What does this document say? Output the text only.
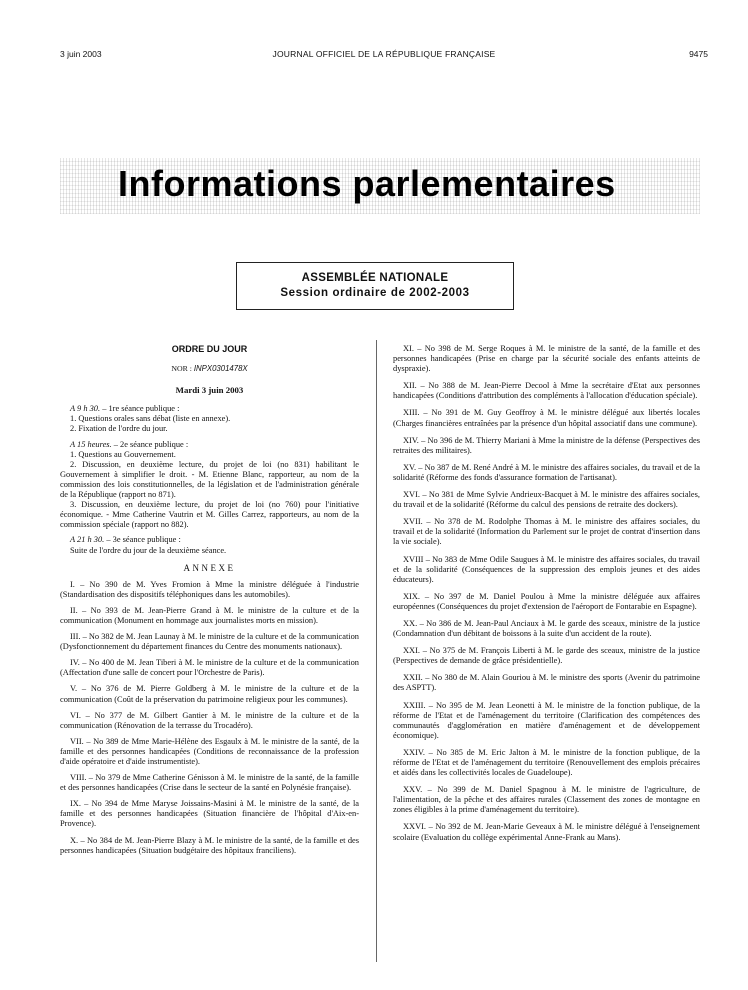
3 juin 2003	JOURNAL OFFICIEL DE LA RÉPUBLIQUE FRANÇAISE	9475
Informations parlementaires
ASSEMBLÉE NATIONALE
Session ordinaire de 2002-2003
ORDRE DU JOUR
NOR : INPX0301478X
Mardi 3 juin 2003

A 9 h 30. – 1re séance publique :

1. Questions orales sans débat (liste en annexe).

2. Fixation de l'ordre du jour.

A 15 heures. – 2e séance publique :

1. Questions au Gouvernement.

2. Discussion, en deuxième lecture, du projet de loi (no 831) habilitant le Gouvernement à simplifier le droit. - M. Etienne Blanc, rapporteur, au nom de la commission des lois constitutionnelles, de la législation et de l'administration générale de la République (rapport no 871).

3. Discussion, en deuxième lecture, du projet de loi (no 760) pour l'initiative économique. - Mme Catherine Vautrin et M. Gilles Carrez, rapporteurs, au nom de la commission spéciale (rapport no 882).

A 21 h 30. – 3e séance publique :

Suite de l'ordre du jour de la deuxième séance.

ANNEXE

I. – No 390 de M. Yves Fromion à Mme la ministre déléguée à l'industrie (Standardisation des dispositifs téléphoniques dans les automobiles).

II. – No 393 de M. Jean-Pierre Grand à M. le ministre de la culture et de la communication (Monument en hommage aux journalistes morts en mission).

III. – No 382 de M. Jean Launay à M. le ministre de la culture et de la communication (Dysfonctionnement du département finances du Centre des monuments nationaux).

IV. – No 400 de M. Jean Tiberi à M. le ministre de la culture et de la communication (Affectation d'une salle de concert pour l'Orchestre de Paris).

V. – No 376 de M. Pierre Goldberg à M. le ministre de la culture et de la communication (Coût de la préservation du patrimoine religieux pour les communes).

VI. – No 377 de M. Gilbert Gantier à M. le ministre de la culture et de la communication (Rénovation de la terrasse du Trocadéro).

VII. – No 389 de Mme Marie-Hélène des Esgaulx à M. le ministre de la santé, de la famille et des personnes handicapées (Conditions de reconnaissance de la profession d'aide opératoire et d'aide instrumentiste).

VIII. – No 379 de Mme Catherine Génisson à M. le ministre de la santé, de la famille et des personnes handicapées (Crise dans le secteur de la santé en Polynésie française).

IX. – No 394 de Mme Maryse Joissains-Masini à M. le ministre de la santé, de la famille et des personnes handicapées (Situation financière de l'hôpital d'Aix-en-Provence).

X. – No 384 de M. Jean-Pierre Blazy à M. le ministre de la santé, de la famille et des personnes handicapées (Situation budgétaire des hôpitaux franciliens).

XI. – No 398 de M. Serge Roques à M. le ministre de la santé, de la famille et des personnes handicapées (Prise en charge par la sécurité sociale des enfants atteints de dyspraxie).

XII. – No 388 de M. Jean-Pierre Decool à Mme la secrétaire d'Etat aux personnes handicapées (Conditions d'attribution des compléments à l'allocation d'éducation spéciale).

XIII. – No 391 de M. Guy Geoffroy à M. le ministre délégué aux libertés locales (Charges financières entraînées par la présence d'un hôpital associatif dans une commune).

XIV. – No 396 de M. Thierry Mariani à Mme la ministre de la défense (Perspectives des retraites des militaires).

XV. – No 387 de M. René André à M. le ministre des affaires sociales, du travail et de la solidarité (Réforme des fonds d'assurance formation de l'artisanat).

XVI. – No 381 de Mme Sylvie Andrieux-Bacquet à M. le ministre des affaires sociales, du travail et de la solidarité (Réforme du calcul des pensions de retraite des dockers).

XVII. – No 378 de M. Rodolphe Thomas à M. le ministre des affaires sociales, du travail et de la solidarité (Information du Parlement sur le projet de contrat d'insertion dans la vie sociale).

XVIII – No 383 de Mme Odile Saugues à M. le ministre des affaires sociales, du travail et de la solidarité (Conséquences de la suppression des emplois jeunes et des aides éducateurs).

XIX. – No 397 de M. Daniel Poulou à Mme la ministre déléguée aux affaires européennes (Conséquences du projet d'extension de l'aéroport de Fontarabie en Espagne).

XX. – No 386 de M. Jean-Paul Anciaux à M. le garde des sceaux, ministre de la justice (Condamnation d'un débitant de boissons à la suite d'un accident de la route).

XXI. – No 375 de M. François Liberti à M. le garde des sceaux, ministre de la justice (Perspectives de demande de grâce présidentielle).

XXII. – No 380 de M. Alain Gouriou à M. le ministre des sports (Avenir du patrimoine des ASPTT).

XXIII. – No 395 de M. Jean Leonetti à M. le ministre de la fonction publique, de la réforme de l'Etat et de l'aménagement du territoire (Clarification des compétences des communautés d'agglomération en matière d'aménagement et de développement économique).

XXIV. – No 385 de M. Eric Jalton à M. le ministre de la fonction publique, de la réforme de l'Etat et de l'aménagement du territoire (Renouvellement des emplois précaires et aidés dans les collectivités locales de Guadeloupe).

XXV. – No 399 de M. Daniel Spagnou à M. le ministre de l'agriculture, de l'alimentation, de la pêche et des affaires rurales (Classement des zones de montagne en zones éligibles à la prime d'aménagement du territoire).

XXVI. – No 392 de M. Jean-Marie Geveaux à M. le ministre délégué à l'enseignement scolaire (Evaluation du collège expérimental Anne-Frank au Mans).
